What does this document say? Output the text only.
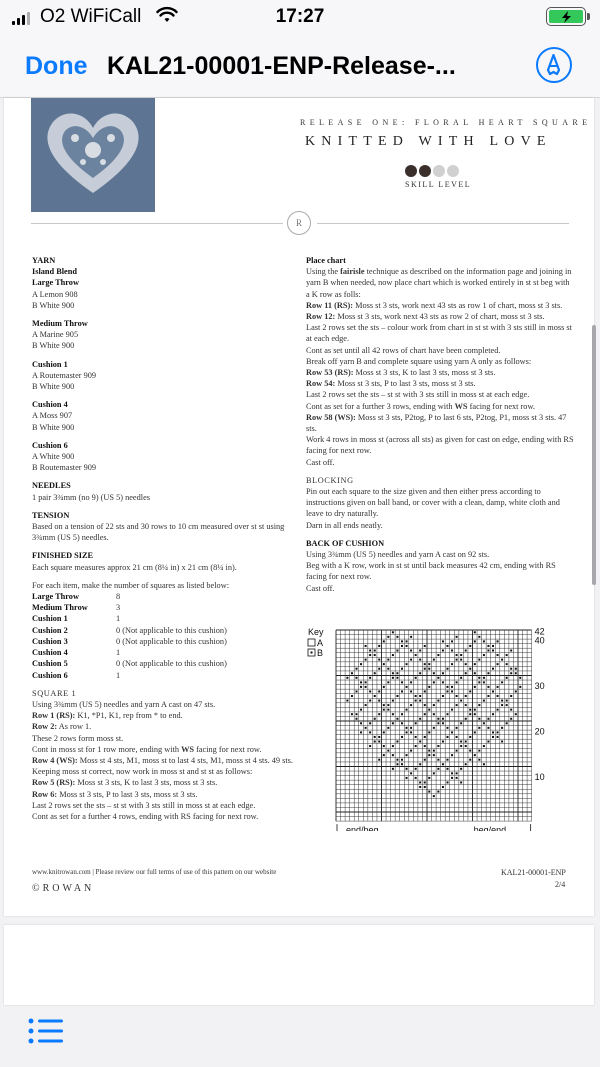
O2 WiFiCall	17:27
Done KAL21-00001-ENP-Release-...
RELEASE ONE: FLORAL HEART SQUARE
KNITTED WITH LOVE
SKILL LEVEL
R
YARN
Island Blend
Large Throw
A Lemon 908
B White 900
Medium Throw
A Marine 905
B White 900
Cushion 1
A Routemaster 909
B White 900
Cushion 4
A Moss 907
B White 900
Cushion 6
A White 900
B Routemaster 909
NEEDLES
1 pair 3¾mm (no 9) (US 5) needles
TENSION
Based on a tension of 22 sts and 30 rows to 10 cm measured over st st using 3¾mm (US 5) needles.
FINISHED SIZE
Each square measures approx 21 cm (8¼ in) x 21 cm (8¼ in).
For each item, make the number of squares as listed below:
Large Throw	8
Medium Throw	3
Cushion 1	1
Cushion 2	0 (Not applicable to this cushion)
Cushion 3	0 (Not applicable to this cushion)
Cushion 4	1
Cushion 5	0 (Not applicable to this cushion)
Cushion 6	1
SQUARE 1
Using 3¾mm (US 5) needles and yarn A cast on 47 sts.
Row 1 (RS): K1, *P1, K1, rep from * to end.
Row 2: As row 1.
These 2 rows form moss st.
Cont in moss st for 1 row more, ending with WS facing for next row.
Row 4 (WS): Moss st 4 sts, M1, moss st to last 4 sts, M1, moss st 4 sts. 49 sts.
Keeping moss st correct, now work in moss st and st st as follows:
Row 5 (RS): Moss st 3 sts, K to last 3 sts, moss st 3 sts.
Row 6: Moss st 3 sts, P to last 3 sts, moss st 3 sts.
Last 2 rows set the sts – st st with 3 sts still in moss st at each edge.
Cont as set for a further 4 rows, ending with RS facing for next row.
Place chart
Using the fairisle technique as described on the information page and joining in yarn B when needed, now place chart which is worked entirely in st st beg with a K row as folls:
Row 11 (RS): Moss st 3 sts, work next 43 sts as row 1 of chart, moss st 3 sts.
Row 12: Moss st 3 sts, work next 43 sts as row 2 of chart, moss st 3 sts.
Last 2 rows set the sts – colour work from chart in st st with 3 sts still in moss st at each edge.
Cont as set until all 42 rows of chart have been completed.
Break off yarn B and complete square using yarn A only as follows:
Row 53 (RS): Moss st 3 sts, K to last 3 sts, moss st 3 sts.
Row 54: Moss st 3 sts, P to last 3 sts, moss st 3 sts.
Last 2 rows set the sts – st st with 3 sts still in moss st at each edge.
Cont as set for a further 3 rows, ending with WS facing for next row.
Row 58 (WS): Moss st 3 sts, P2tog, P to last 6 sts, P2tog, P1, moss st 3 sts. 47 sts.
Work 4 rows in moss st (across all sts) as given for cast on edge, ending with RS facing for next row.
Cast off.
BLOCKING
Pin out each square to the size given and then either press according to instructions given on ball band, or cover with a clean, damp, white cloth and leave to dry naturally.
Darn in all ends neatly.
BACK OF CUSHION
Using 3¾mm (US 5) needles and yarn A cast on 92 sts.
Beg with a K row, work in st st until back measures 42 cm, ending with RS facing for next row.
Cast off.
Key
A
B
42
40
30
20
10
end/beg	beg/end
www.knitrowan.com | Please review our full terms of use of this pattern on our website
©ROWAN
KAL21-00001-ENP
2/4
